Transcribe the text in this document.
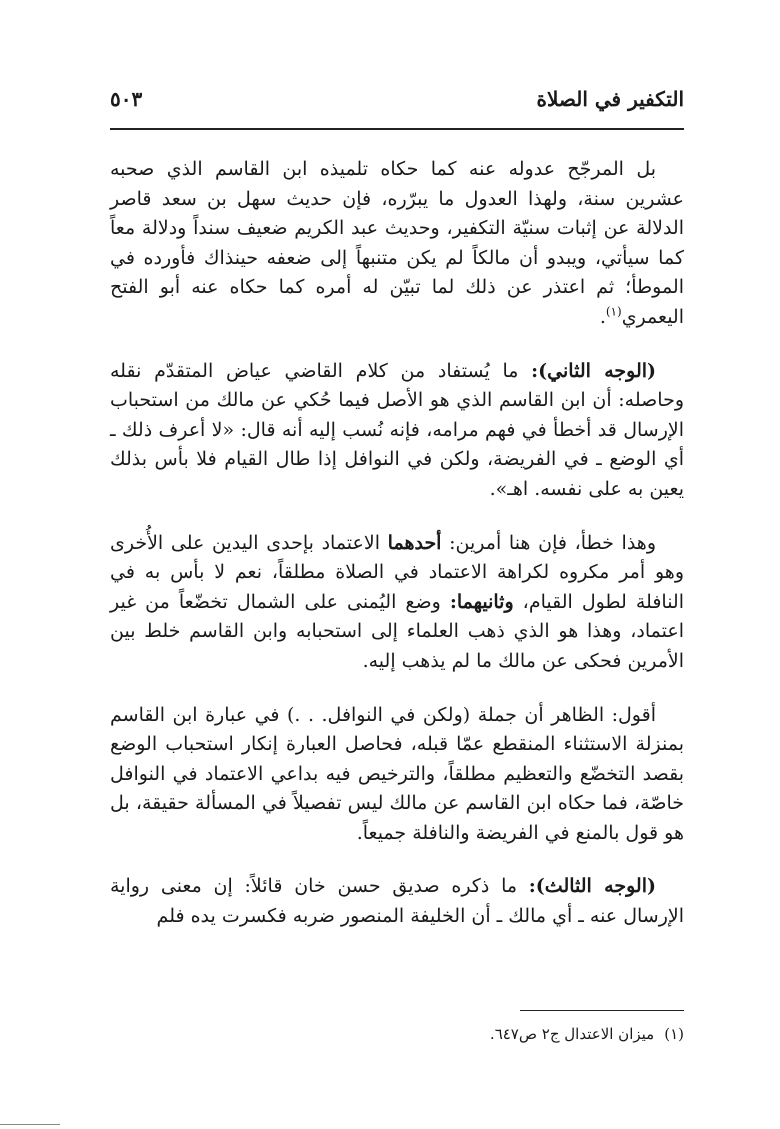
التكفير في الصلاة
٥٠٣

بل المرجّح عدوله عنه كما حكاه تلميذه ابن القاسم الذي صحبه عشرين سنة، ولهذا العدول ما يبرّره، فإن حديث سهل بن سعد قاصر الدلالة عن إثبات سنيّة التكفير، وحديث عبد الكريم ضعيف سنداً ودلالة معاً كما سيأتي، ويبدو أن مالكاً لم يكن متنبهاً إلى ضعفه حينذاك فأورده في الموطأ؛ ثم اعتذر عن ذلك لما تبيّن له أمره كما حكاه عنه أبو الفتح اليعمري$^{(١)}$.

(الوجه الثاني): ما يُستفاد من كلام القاضي عياض المتقدّم نقله وحاصله: أن ابن القاسم الذي هو الأصل فيما حُكي عن مالك من استحباب الإرسال قد أخطأ في فهم مرامه، فإنه نُسب إليه أنه قال: «لا أعرف ذلك ـ أي الوضع ـ في الفريضة، ولكن في النوافل إذا طال القيام فلا بأس بذلك يعين به على نفسه. اهـ».

وهذا خطأ، فإن هنا أمرين: أحدهما الاعتماد بإحدى اليدين على الأُخرى وهو أمر مكروه لكراهة الاعتماد في الصلاة مطلقاً، نعم لا بأس به في النافلة لطول القيام، وثانيهما: وضع اليُمنى على الشمال تخضّعاً من غير اعتماد، وهذا هو الذي ذهب العلماء إلى استحبابه وابن القاسم خلط بين الأمرين فحكى عن مالك ما لم يذهب إليه.

أقول: الظاهر أن جملة (ولكن في النوافل. . .) في عبارة ابن القاسم بمنزلة الاستثناء المنقطع عمّا قبله، فحاصل العبارة إنكار استحباب الوضع بقصد التخضّع والتعظيم مطلقاً، والترخيص فيه بداعي الاعتماد في النوافل خاصّة، فما حكاه ابن القاسم عن مالك ليس تفصيلاً في المسألة حقيقة، بل هو قول بالمنع في الفريضة والنافلة جميعاً.

(الوجه الثالث): ما ذكره صديق حسن خان قائلاً: إن معنى رواية الإرسال عنه ـ أي مالك ـ أن الخليفة المنصور ضربه فكسرت يده فلم

(١)ميزان الاعتدال ج٢ ص٦٤٧.
